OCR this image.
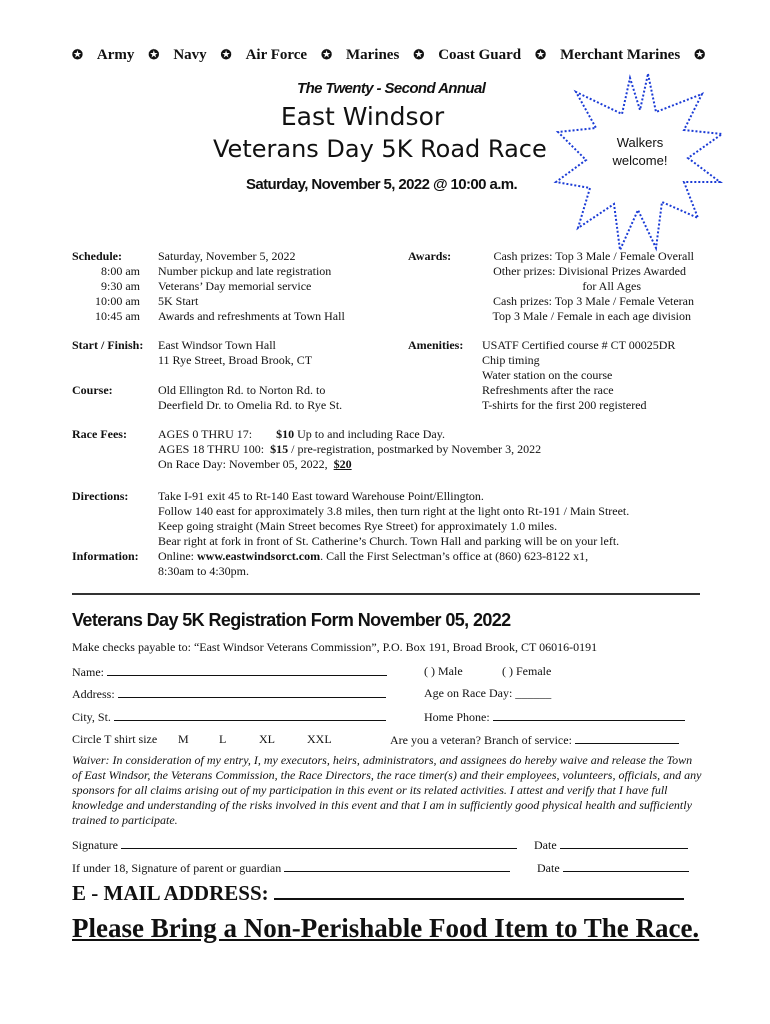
✪ Army ✪ Navy ✪ Air Force ✪ Marines ✪ Coast Guard ✪ Merchant Marines ✪
The Twenty - Second Annual
East Windsor
Veterans Day 5K Road Race
Saturday, November 5, 2022 @ 10:00 a.m.
Walkers
welcome!
Schedule:	Saturday, November 5, 2022
8:00 am Number pickup and late registration
9:30 am Veterans’ Day memorial service
10:00 am 5K Start
10:45 am Awards and refreshments at Town Hall
Awards:	Cash prizes: Top 3 Male / Female Overall
Other prizes: Divisional Prizes Awarded
for All Ages
Cash prizes: Top 3 Male / Female Veteran
Top 3 Male / Female in each age division
Start / Finish: East Windsor Town Hall
11 Rye Street, Broad Brook, CT
Amenities: USATF Certified course # CT 00025DR
Chip timing
Water station on the course
Refreshments after the race
T-shirts for the first 200 registered
Course:	Old Ellington Rd. to Norton Rd. to
Deerfield Dr. to Omelia Rd. to Rye St.
Race Fees:	AGES 0 THRU 17: $10 Up to and including Race Day.
AGES 18 THRU 100: $15 / pre-registration, postmarked by November 3, 2022
On Race Day: November 05, 2022, $20
Directions: Take I-91 exit 45 to Rt-140 East toward Warehouse Point/Ellington.
Follow 140 east for approximately 3.8 miles, then turn right at the light onto Rt-191 / Main Street.
Keep going straight (Main Street becomes Rye Street) for approximately 1.0 miles.
Bear right at fork in front of St. Catherine’s Church. Town Hall and parking will be on your left.
Information: Online: www.eastwindsorct.com. Call the First Selectman’s office at (860) 623-8122 x1,
8:30am to 4:30pm.
Veterans Day 5K Registration Form November 05, 2022
Make checks payable to: “East Windsor Veterans Commission”, P.O. Box 191, Broad Brook, CT 06016-0191
Name:	( ) Male	( ) Female
Address:	Age on Race Day: ______
City, St.	Home Phone:
Circle T shirt size M	L	XL	XXL	Are you a veteran? Branch of service:
Waiver: In consideration of my entry, I, my executors, heirs, administrators, and assignees do hereby waive and release the Town of East Windsor, the Veterans Commission, the Race Directors, the race timer(s) and their employees, volunteers, officials, and any sponsors for all claims arising out of my participation in this event or its related activities. I attest and verify that I have full knowledge and understanding of the risks involved in this event and that I am in sufficiently good physical health and sufficiently trained to participate.
Signature	Date
If under 18, Signature of parent or guardian	Date
E - MAIL ADDRESS:
Please Bring a Non-Perishable Food Item to The Race.
